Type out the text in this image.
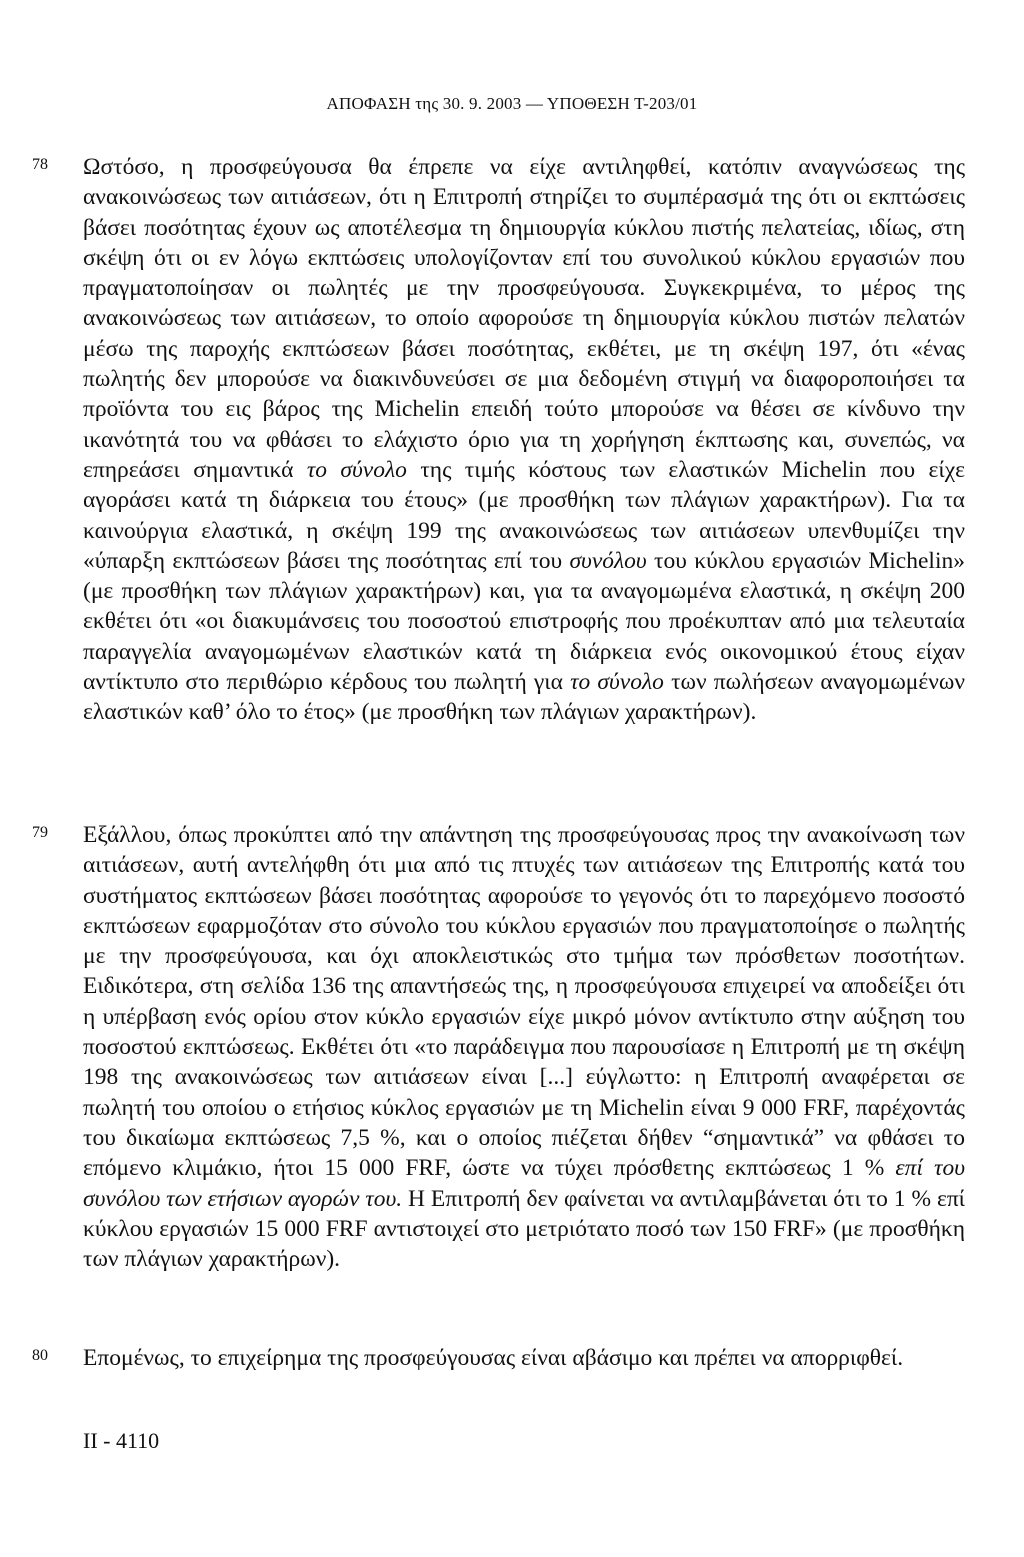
ΑΠΟΦΑΣΗ της 30. 9. 2003 — ΥΠΟΘΕΣΗ Τ-203/01
78	Ωστόσο, η προσφεύγουσα θα έπρεπε να είχε αντιληφθεί, κατόπιν αναγνώσεως της ανακοινώσεως των αιτιάσεων, ότι η Επιτροπή στηρίζει το συμπέρασμά της ότι οι εκπτώσεις βάσει ποσότητας έχουν ως αποτέλεσμα τη δημιουργία κύκλου πιστής πελατείας, ιδίως, στη σκέψη ότι οι εν λόγω εκπτώσεις υπολογίζονταν επί του συνολικού κύκλου εργασιών που πραγματοποίησαν οι πωλητές με την προσφεύγουσα. Συγκεκριμένα, το μέρος της ανακοινώσεως των αιτιάσεων, το οποίο αφορούσε τη δημιουργία κύκλου πιστών πελατών μέσω της παροχής εκπτώσεων βάσει ποσότητας, εκθέτει, με τη σκέψη 197, ότι «ένας πωλητής δεν μπορούσε να διακινδυνεύσει σε μια δεδομένη στιγμή να διαφοροποιήσει τα προϊόντα του εις βάρος της Michelin επειδή τούτο μπορούσε να θέσει σε κίνδυνο την ικανότητά του να φθάσει το ελάχιστο όριο για τη χορήγηση έκπτωσης και, συνεπώς, να επηρεάσει σημαντικά το σύνολο της τιμής κόστους των ελαστικών Michelin που είχε αγοράσει κατά τη διάρκεια του έτους» (με προσθήκη των πλάγιων χαρακτήρων). Για τα καινούργια ελαστικά, η σκέψη 199 της ανακοινώσεως των αιτιάσεων υπενθυμίζει την «ύπαρξη εκπτώσεων βάσει της ποσότητας επί του συνόλου του κύκλου εργασιών Michelin» (με προσθήκη των πλάγιων χαρακτήρων) και, για τα αναγομωμένα ελαστικά, η σκέψη 200 εκθέτει ότι «οι διακυμάνσεις του ποσοστού επιστροφής που προέκυπταν από μια τελευταία παραγγελία αναγομωμένων ελαστικών κατά τη διάρκεια ενός οικονομικού έτους είχαν αντίκτυπο στο περιθώριο κέρδους του πωλητή για το σύνολο των πωλήσεων αναγομωμένων ελαστικών καθ’ όλο το έτος» (με προσθήκη των πλάγιων χαρακτήρων).

79	Εξάλλου, όπως προκύπτει από την απάντηση της προσφεύγουσας προς την ανακοίνωση των αιτιάσεων, αυτή αντελήφθη ότι μια από τις πτυχές των αιτιάσεων της Επιτροπής κατά του συστήματος εκπτώσεων βάσει ποσότητας αφορούσε το γεγονός ότι το παρεχόμενο ποσοστό εκπτώσεων εφαρμοζόταν στο σύνολο του κύκλου εργασιών που πραγματοποίησε ο πωλητής με την προσφεύγουσα, και όχι αποκλειστικώς στο τμήμα των πρόσθετων ποσοτήτων. Ειδικότερα, στη σελίδα 136 της απαντήσεώς της, η προσφεύγουσα επιχειρεί να αποδείξει ότι η υπέρβαση ενός ορίου στον κύκλο εργασιών είχε μικρό μόνον αντίκτυπο στην αύξηση του ποσοστού εκπτώσεως. Εκθέτει ότι «το παράδειγμα που παρουσίασε η Επιτροπή με τη σκέψη 198 της ανακοινώσεως των αιτιάσεων είναι [...] εύγλωττο: η Επιτροπή αναφέρεται σε πωλητή του οποίου ο ετήσιος κύκλος εργασιών με τη Michelin είναι 9 000 FRF, παρέχοντάς του δικαίωμα εκπτώσεως 7,5 %, και ο οποίος πιέζεται δήθεν “σημαντικά” να φθάσει το επόμενο κλιμάκιο, ήτοι 15 000 FRF, ώστε να τύχει πρόσθετης εκπτώσεως 1 % επί του συνόλου των ετήσιων αγορών του. Η Επιτροπή δεν φαίνεται να αντιλαμβάνεται ότι το 1 % επί κύκλου εργασιών 15 000 FRF αντιστοιχεί στο μετριότατο ποσό των 150 FRF» (με προσθήκη των πλάγιων χαρακτήρων).

80	Επομένως, το επιχείρημα της προσφεύγουσας είναι αβάσιμο και πρέπει να απορριφθεί.

II - 4110
